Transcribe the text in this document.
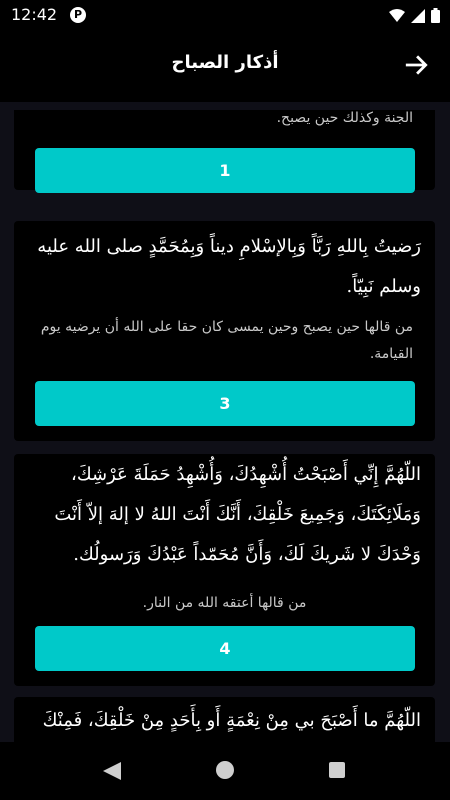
12:42	P
أذكار الصباح
الجنة وكذلك حين يصبح.
1
رَضيتُ بِاللهِ رَبَّاً وَبِالإسْلامِ ديناً وَبِمُحَمَّدٍ صلى الله عليه وسلم نَبِيّاً.
من قالها حين يصبح وحين يمسى كان حقا على الله أن يرضيه يوم القيامة.
3
اللّهُمَّ إِنِّي أَصْبَحْتُ أُشْهِدُكَ، وَأُشْهِدُ حَمَلَةَ عَرْشِكَ، وَمَلَائِكَتَكَ، وَجَمِيعَ خَلْقِكَ، أَنَّكَ أَنْتَ اللهُ لا إلهَ إلاّ أَنْتَ وَحْدَكَ لا شَريكَ لَكَ، وَأَنَّ مُحَمّداً عَبْدُكَ وَرَسولُك.
من قالها أعتقه الله من النار.
4
اللّهُمَّ ما أَصْبَحَ بي مِنْ نِعْمَةٍ أَو بِأَحَدٍ مِنْ خَلْقِكَ، فَمِنْكَ
